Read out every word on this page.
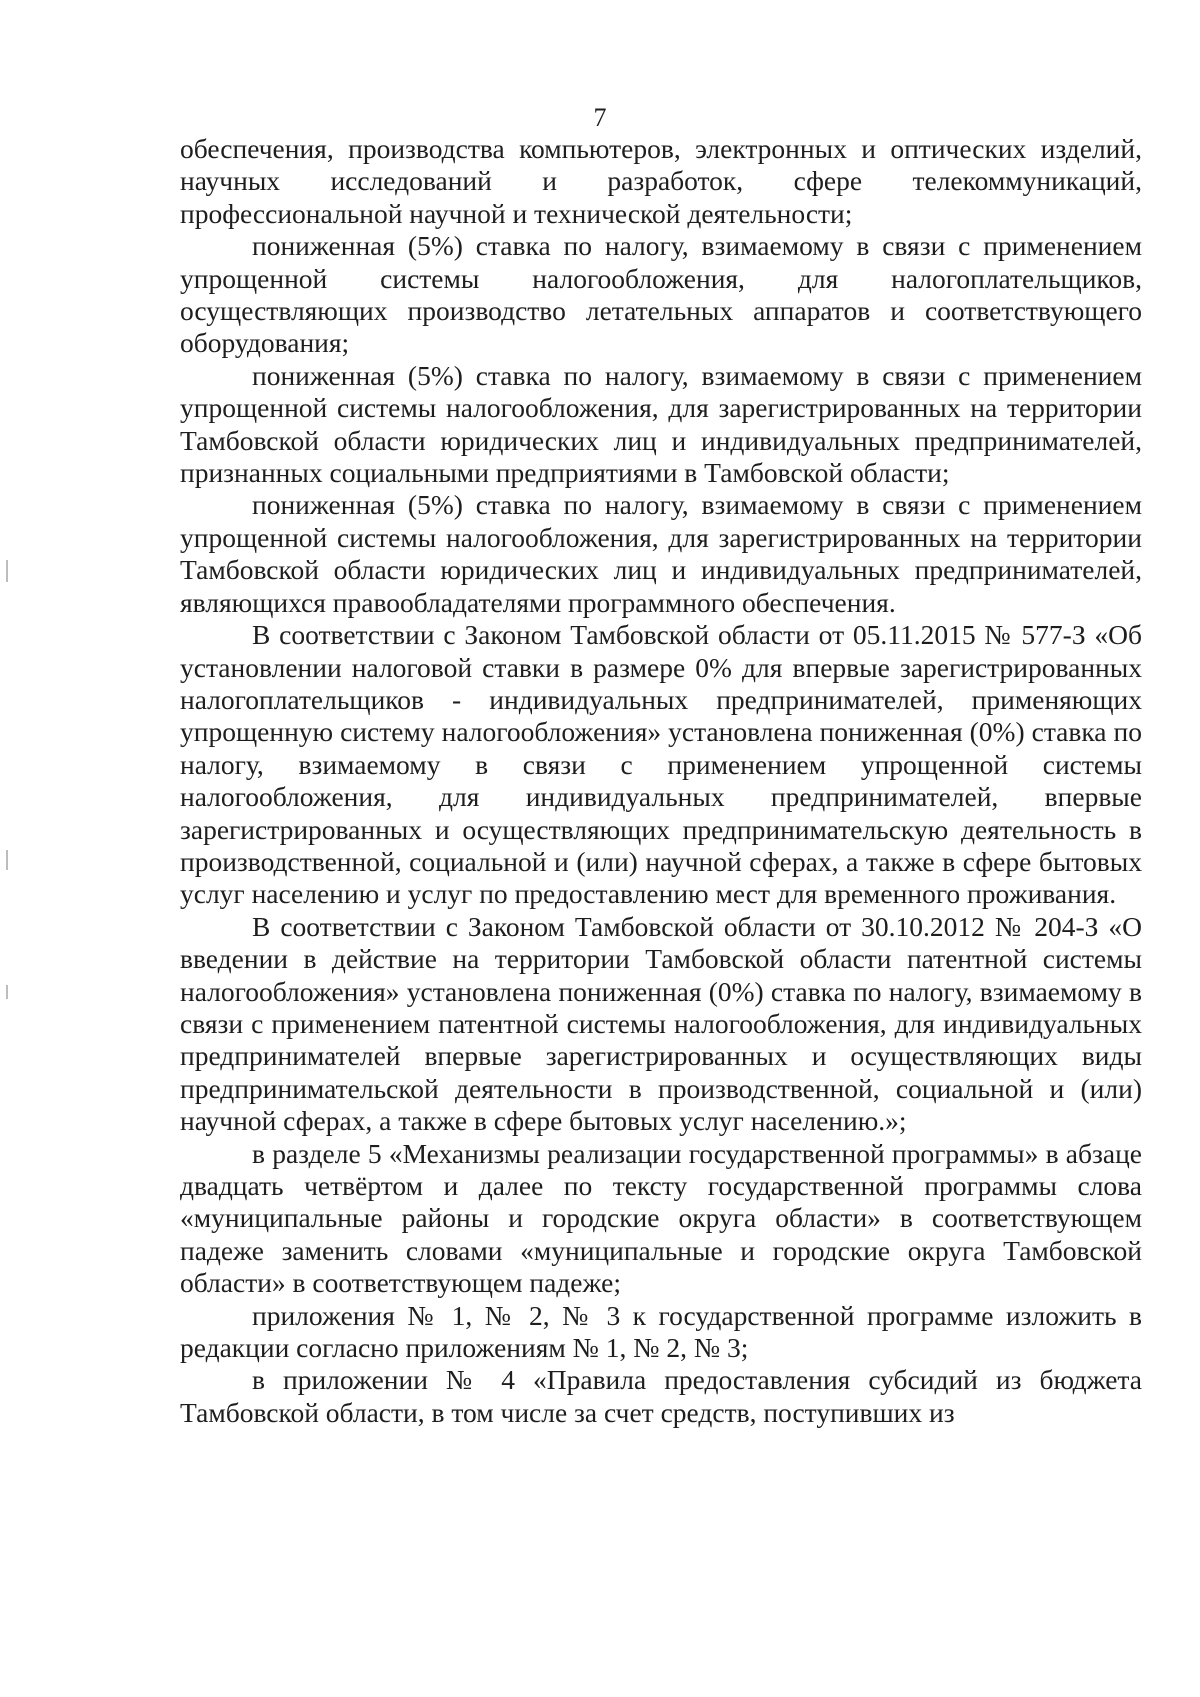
7

обеспечения, производства компьютеров, электронных и оптических изделий, научных исследований и разработок, сфере телекоммуникаций, профессиональной научной и технической деятельности;

пониженная (5%) ставка по налогу, взимаемому в связи с применением упрощенной системы налогообложения, для налогоплательщиков, осуществляющих производство летательных аппаратов и соответствующего оборудования;

пониженная (5%) ставка по налогу, взимаемому в связи с применением упрощенной системы налогообложения, для зарегистрированных на территории Тамбовской области юридических лиц и индивидуальных предпринимателей, признанных социальными предприятиями в Тамбовской области;

пониженная (5%) ставка по налогу, взимаемому в связи с применением упрощенной системы налогообложения, для зарегистрированных на территории Тамбовской области юридических лиц и индивидуальных предпринимателей, являющихся правообладателями программного обеспечения.

В соответствии с Законом Тамбовской области от 05.11.2015 № 577-З «Об установлении налоговой ставки в размере 0% для впервые зарегистрированных налогоплательщиков - индивидуальных предпринимателей, применяющих упрощенную систему налогообложения» установлена пониженная (0%) ставка по налогу, взимаемому в связи с применением упрощенной системы налогообложения, для индивидуальных предпринимателей, впервые зарегистрированных и осуществляющих предпринимательскую деятельность в производственной, социальной и (или) научной сферах, а также в сфере бытовых услуг населению и услуг по предоставлению мест для временного проживания.

В соответствии с Законом Тамбовской области от 30.10.2012 № 204-З «О введении в действие на территории Тамбовской области патентной системы налогообложения» установлена пониженная (0%) ставка по налогу, взимаемому в связи с применением патентной системы налогообложения, для индивидуальных предпринимателей впервые зарегистрированных и осуществляющих виды предпринимательской деятельности в производственной, социальной и (или) научной сферах, а также в сфере бытовых услуг населению.»;

в разделе 5 «Механизмы реализации государственной программы» в абзаце двадцать четвёртом и далее по тексту государственной программы слова «муниципальные районы и городские округа области» в соответствующем падеже заменить словами «муниципальные и городские округа Тамбовской области» в соответствующем падеже;

приложения № 1, № 2, № 3 к государственной программе изложить в редакции согласно приложениям № 1, № 2, № 3;

в приложении № 4 «Правила предоставления субсидий из бюджета Тамбовской области, в том числе за счет средств, поступивших из
